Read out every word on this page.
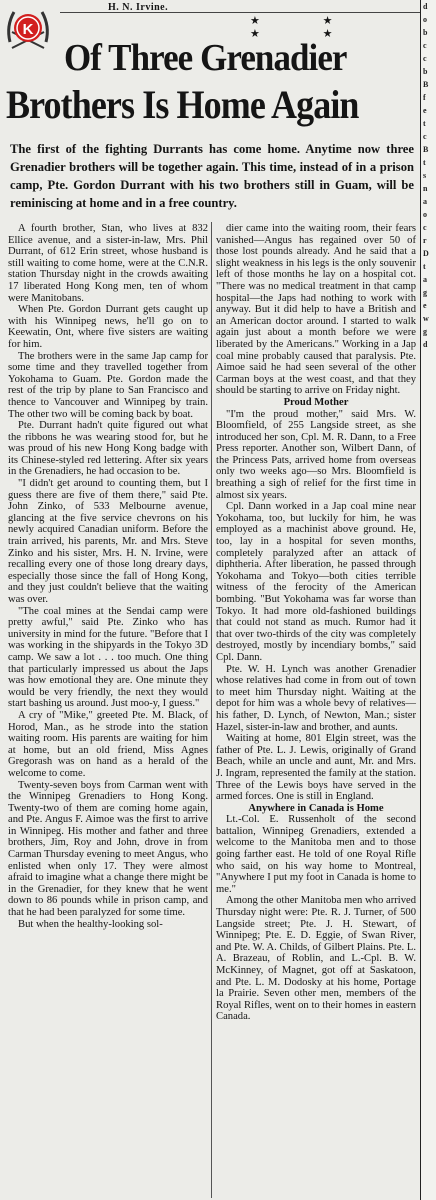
K
H. N. Irvine.
★ ★ ★ ★
Of Three Grenadier
Brothers Is Home Again
The first of the fighting Durrants has come home. Anytime now three Grenadier brothers will be together again. This time, instead of in a prison camp, Pte. Gordon Durrant with his two brothers still in Guam, will be reminiscing at home and in a free country.

A fourth brother, Stan, who lives at 832 Ellice avenue, and a sister-in-law, Mrs. Phil Durrant, of 612 Erin street, whose husband is still waiting to come home, were at the C.N.R. station Thursday night in the crowds awaiting 17 liberated Hong Kong men, ten of whom were Manitobans.

When Pte. Gordon Durrant gets caught up with his Winnipeg news, he'll go on to Keewatin, Ont, where five sisters are waiting for him.

The brothers were in the same Jap camp for some time and they travelled together from Yokohama to Guam. Pte. Gordon made the rest of the trip by plane to San Francisco and thence to Vancouver and Winnipeg by train. The other two will be coming back by boat.

Pte. Durrant hadn't quite figured out what the ribbons he was wearing stood for, but he was proud of his new Hong Kong badge with its Chinese-styled red lettering. After six years in the Grenadiers, he had occasion to be.

"I didn't get around to counting them, but I guess there are five of them there," said Pte. John Zinko, of 533 Melbourne avenue, glancing at the five service chevrons on his newly acquired Canadian uniform. Before the train arrived, his parents, Mr. and Mrs. Steve Zinko and his sister, Mrs. H. N. Irvine, were recalling every one of those long dreary days, especially those since the fall of Hong Kong, and they just couldn't believe that the waiting was over.

"The coal mines at the Sendai camp were pretty awful," said Pte. Zinko who has university in mind for the future. "Before that I was working in the shipyards in the Tokyo 3D camp. We saw a lot . . . too much. One thing that particularly impressed us about the Japs was how emotional they are. One minute they would be very friendly, the next they would start bashing us around. Just moo-y, I guess."

A cry of "Mike," greeted Pte. M. Black, of Horod, Man., as he strode into the station waiting room. His parents are waiting for him at home, but an old friend, Miss Agnes Gregorash was on hand as a herald of the welcome to come.

Twenty-seven boys from Carman went with the Winnipeg Grenadiers to Hong Kong. Twenty-two of them are coming home again, and Pte. Angus F. Aimoe was the first to arrive in Winnipeg. His mother and father and three brothers, Jim, Roy and John, drove in from Carman Thursday evening to meet Angus, who enlisted when only 17. They were almost afraid to imagine what a change there might be in the Grenadier, for they knew that he went down to 86 pounds while in prison camp, and that he had been paralyzed for some time.

But when the healthy-looking sol-

dier came into the waiting room, their fears vanished—Angus has regained over 50 of those lost pounds already. And he said that a slight weakness in his legs is the only souvenir left of those months he lay on a hospital cot. "There was no medical treatment in that camp hospital—the Japs had nothing to work with anyway. But it did help to have a British and an American doctor around. I started to walk again just about a month before we were liberated by the Americans." Working in a Jap coal mine probably caused that paralysis. Pte. Aimoe said he had seen several of the other Carman boys at the west coast, and that they should be starting to arrive on Friday night.

Proud Mother

"I'm the proud mother," said Mrs. W. Bloomfield, of 255 Langside street, as she introduced her son, Cpl. M. R. Dann, to a Free Press reporter. Another son, Wilbert Dann, of the Princess Pats, arrived home from overseas only two weeks ago—so Mrs. Bloomfield is breathing a sigh of relief for the first time in almost six years.

Cpl. Dann worked in a Jap coal mine near Yokohama, too, but luckily for him, he was employed as a machinist above ground. He, too, lay in a hospital for seven months, completely paralyzed after an attack of diphtheria. After liberation, he passed through Yokohama and Tokyo—both cities terrible witness of the ferocity of the American bombing. "But Yokohama was far worse than Tokyo. It had more old-fashioned buildings that could not stand as much. Rumor had it that over two-thirds of the city was completely destroyed, mostly by incendiary bombs," said Cpl. Dann.

Pte. W. H. Lynch was another Grenadier whose relatives had come in from out of town to meet him Thursday night. Waiting at the depot for him was a whole bevy of relatives—his father, D. Lynch, of Newton, Man.; sister Hazel, sister-in-law and brother, and aunts.

Waiting at home, 801 Elgin street, was the father of Pte. L. J. Lewis, originally of Grand Beach, while an uncle and aunt, Mr. and Mrs. J. Ingram, represented the family at the station. Three of the Lewis boys have served in the armed forces. One is still in England.

Anywhere in Canada is Home

Lt.-Col. E. Russenholt of the second battalion, Winnipeg Grenadiers, extended a welcome to the Manitoba men and to those going farther east. He told of one Royal Rifle who said, on his way home to Montreal, "Anywhere I put my foot in Canada is home to me."

Among the other Manitoba men who arrived Thursday night were: Pte. R. J. Turner, of 500 Langside street; Pte. J. H. Stewart, of Winnipeg; Pte. E. D. Eggie, of Swan River, and Pte. W. A. Childs, of Gilbert Plains. Pte. L. A. Brazeau, of Roblin, and L.-Cpl. B. W. McKinney, of Magnet, got off at Saskatoon, and Pte. L. M. Dodosky at his home, Portage la Prairie. Seven other men, members of the Royal Rifles, went on to their homes in eastern Canada.

d
o
b
c
c
b
B
f
e
t
c
B
t
s
n
a
o
c
r
D
t
a
g
e
w
g
d
